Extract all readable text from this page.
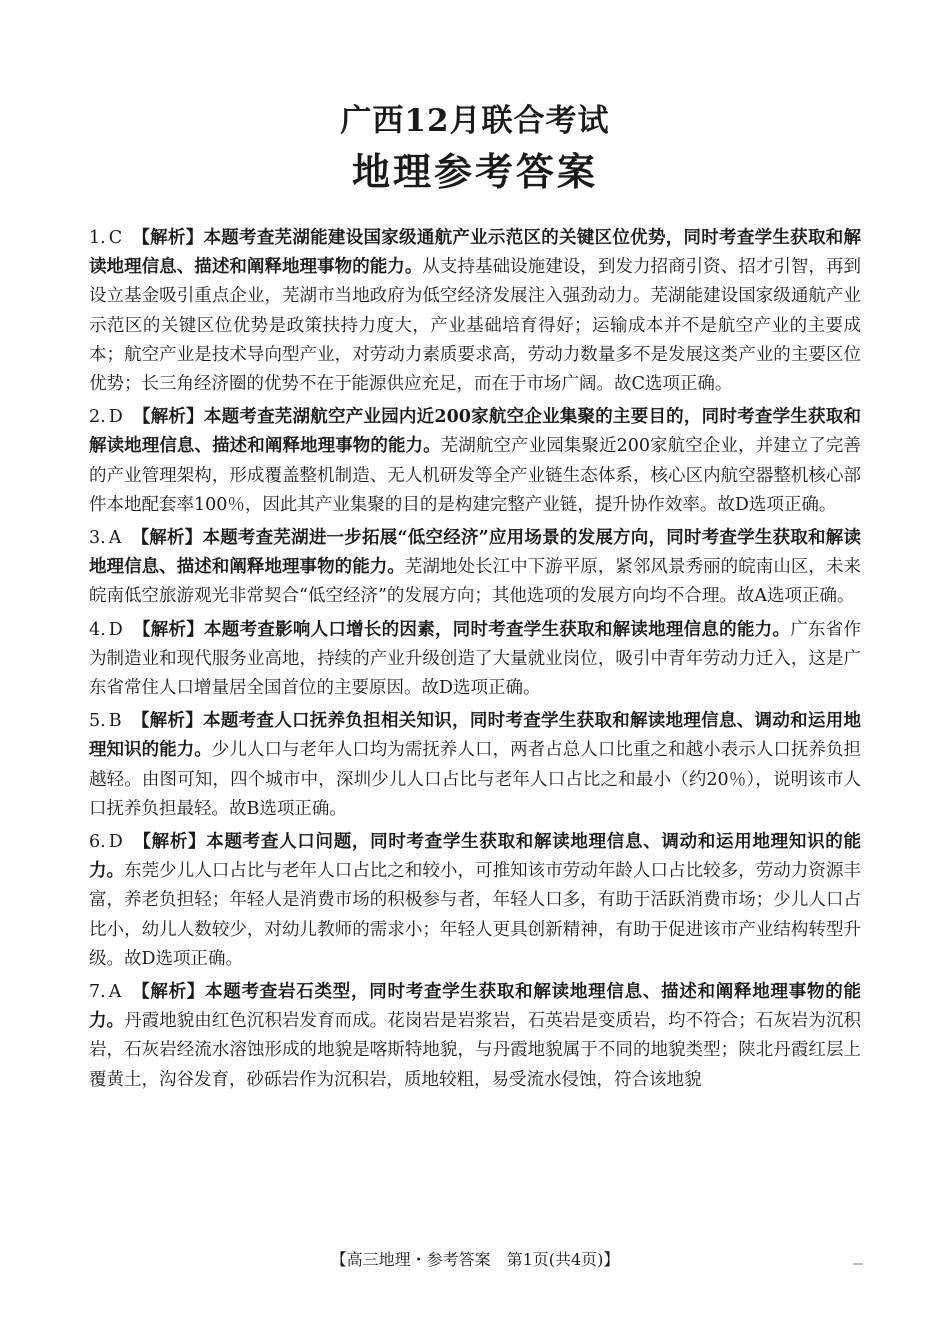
广西12月联合考试
地理参考答案
1. C 【解析】本题考查芜湖能建设国家级通航产业示范区的关键区位优势，同时考查学生获取和解读地理信息、描述和阐释地理事物的能力。从支持基础设施建设，到发力招商引资、招才引智，再到设立基金吸引重点企业，芜湖市当地政府为低空经济发展注入强劲动力。芜湖能建设国家级通航产业示范区的关键区位优势是政策扶持力度大，产业基础培育得好；运输成本并不是航空产业的主要成本；航空产业是技术导向型产业，对劳动力素质要求高，劳动力数量多不是发展这类产业的主要区位优势；长三角经济圈的优势不在于能源供应充足，而在于市场广阔。故C选项正确。
2. D 【解析】本题考查芜湖航空产业园内近200家航空企业集聚的主要目的，同时考查学生获取和解读地理信息、描述和阐释地理事物的能力。芜湖航空产业园集聚近200家航空企业，并建立了完善的产业管理架构，形成覆盖整机制造、无人机研发等全产业链生态体系，核心区内航空器整机核心部件本地配套率100％，因此其产业集聚的目的是构建完整产业链，提升协作效率。故D选项正确。
3. A 【解析】本题考查芜湖进一步拓展“低空经济”应用场景的发展方向，同时考查学生获取和解读地理信息、描述和阐释地理事物的能力。芜湖地处长江中下游平原，紧邻风景秀丽的皖南山区，未来皖南低空旅游观光非常契合“低空经济”的发展方向；其他选项的发展方向均不合理。故A选项正确。
4. D 【解析】本题考查影响人口增长的因素，同时考查学生获取和解读地理信息的能力。广东省作为制造业和现代服务业高地，持续的产业升级创造了大量就业岗位，吸引中青年劳动力迁入，这是广东省常住人口增量居全国首位的主要原因。故D选项正确。
5. B 【解析】本题考查人口抚养负担相关知识，同时考查学生获取和解读地理信息、调动和运用地理知识的能力。少儿人口与老年人口均为需抚养人口，两者占总人口比重之和越小表示人口抚养负担越轻。由图可知，四个城市中，深圳少儿人口占比与老年人口占比之和最小（约20％），说明该市人口抚养负担最轻。故B选项正确。
6. D 【解析】本题考查人口问题，同时考查学生获取和解读地理信息、调动和运用地理知识的能力。东莞少儿人口占比与老年人口占比之和较小，可推知该市劳动年龄人口占比较多，劳动力资源丰富，养老负担轻；年轻人是消费市场的积极参与者，年轻人口多，有助于活跃消费市场；少儿人口占比小，幼儿人数较少，对幼儿教师的需求小；年轻人更具创新精神，有助于促进该市产业结构转型升级。故D选项正确。
7. A 【解析】本题考查岩石类型，同时考查学生获取和解读地理信息、描述和阐释地理事物的能力。丹霞地貌由红色沉积岩发育而成。花岗岩是岩浆岩，石英岩是变质岩，均不符合；石灰岩为沉积岩，石灰岩经流水溶蚀形成的地貌是喀斯特地貌，与丹霞地貌属于不同的地貌类型；陕北丹霞红层上覆黄土，沟谷发育，砂砾岩作为沉积岩，质地较粗，易受流水侵蚀，符合该地貌
【高三地理・参考答案　第1页(共4页)】
